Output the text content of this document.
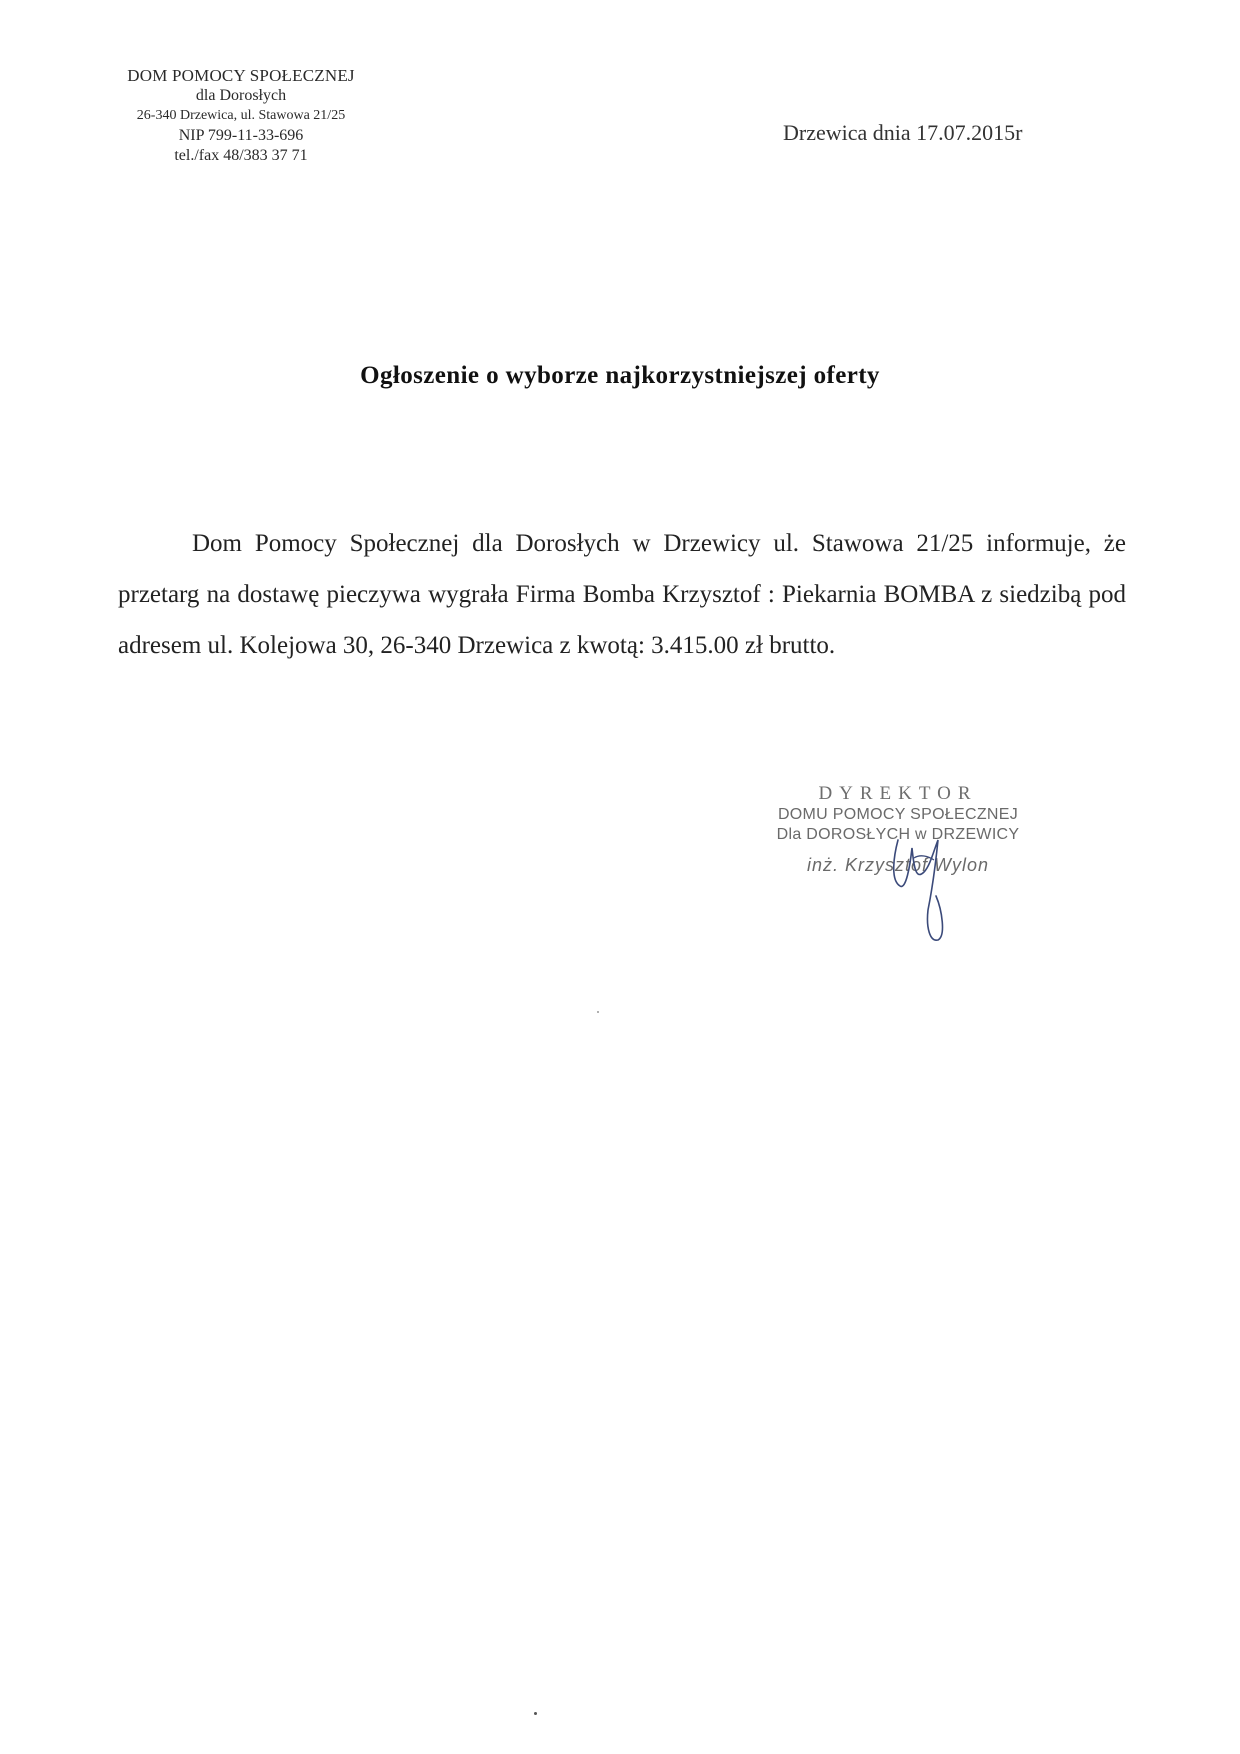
DOM POMOCY SPOŁECZNEJ
dla Dorosłych
26-340 Drzewica, ul. Stawowa 21/25
NIP 799-11-33-696
tel./fax 48/383 37 71
Drzewica dnia 17.07.2015r
Ogłoszenie o wyborze najkorzystniejszej oferty
Dom Pomocy Społecznej dla Dorosłych w Drzewicy ul. Stawowa 21/25 informuje, że przetarg na dostawę pieczywa wygrała Firma Bomba Krzysztof : Piekarnia BOMBA z siedzibą pod adresem ul. Kolejowa 30, 26-340 Drzewica z kwotą: 3.415.00 zł brutto.
DYREKTOR
DOMU POMOCY SPOŁECZNEJ
Dla DOROSŁYCH w DRZEWICY
inż. Krzysztof Wylon
